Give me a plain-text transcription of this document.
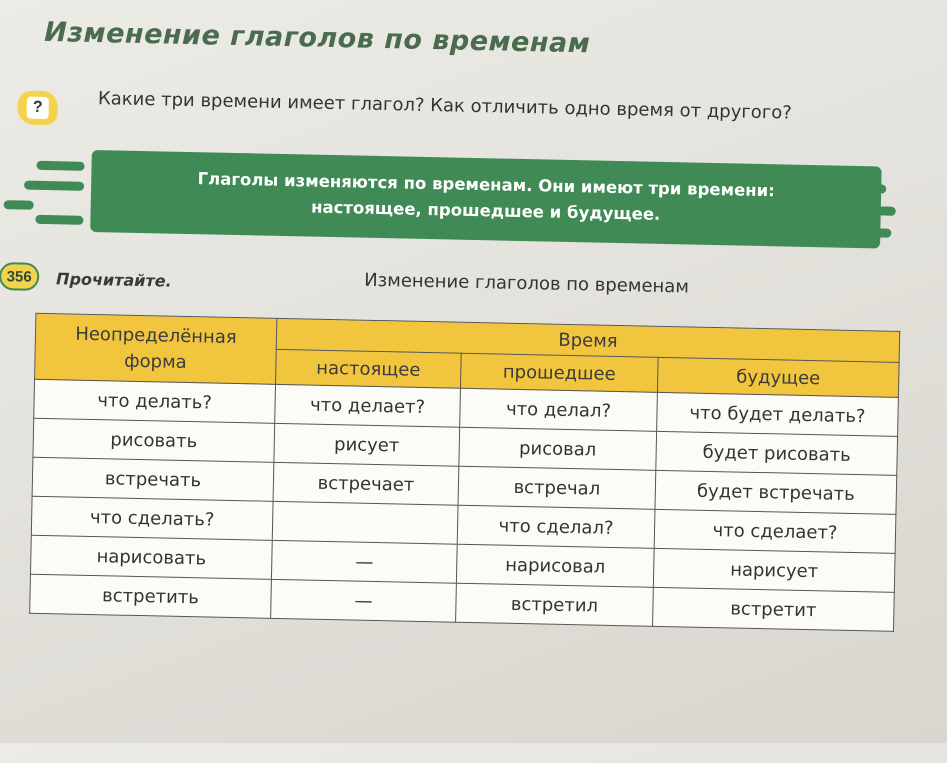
Изменение глаголов по временам
?	Какие три времени имеет глагол? Как отличить одно время от другого?
Глаголы изменяются по временам. Они имеют три времени:
настоящее, прошедшее и будущее.
356	Прочитайте.	Изменение глаголов по временам
Неопределённая
форма	Время		
	настоящее	прошедшее	будущее
что делать?	что делает?	что делал?	что будет делать?
рисовать	рисует	рисовал	будет рисовать
встречать	встречает	встречал	будет встречать
что сделать?		что сделал?	что сделает?
нарисовать	—	нарисовал	нарисует
встретить	—	встретил	встретит
